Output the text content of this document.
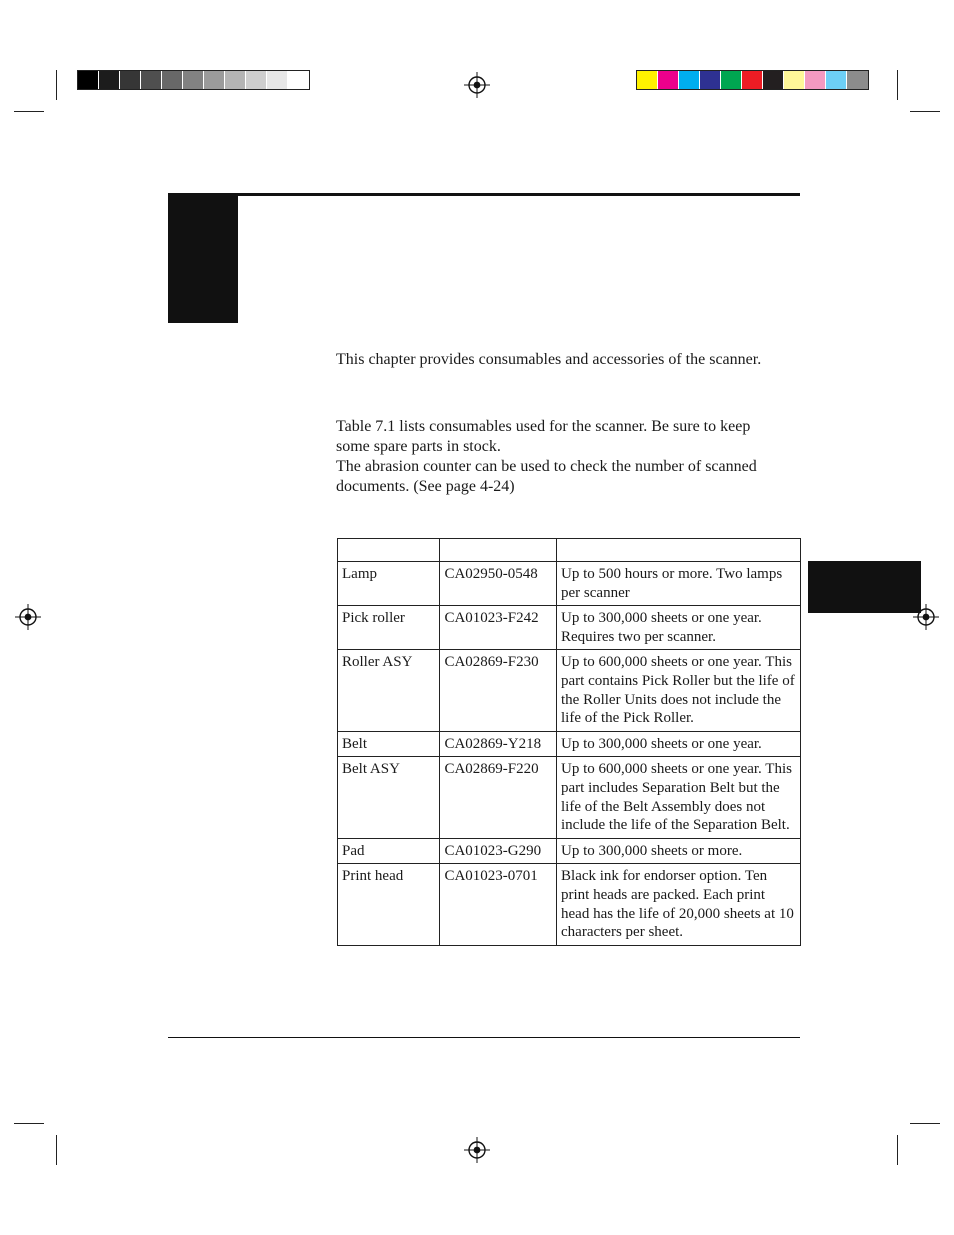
This chapter provides consumables and accessories of the scanner.
Table 7.1 lists consumables used for the scanner. Be sure to keep
some spare parts in stock.
The abrasion counter can be used to check the number of scanned
documents. (See page 4-24)

Lamp	CA02950-0548	Up to 500 hours or more. Two lamps
per scanner

Pick roller	CA01023-F242	Up to 300,000 sheets or one year.
Requires two per scanner.

Roller ASY	CA02869-F230	Up to 600,000 sheets or one year. This
part contains Pick Roller but the life of
the Roller Units does not include the
life of the Pick Roller.

Belt	CA02869-Y218	Up to 300,000 sheets or one year.

Belt ASY	CA02869-F220	Up to 600,000 sheets or one year. This
part includes Separation Belt but the
life of the Belt Assembly does not
include the life of the Separation Belt.

Pad	CA01023-G290	Up to 300,000 sheets or more.

Print head	CA01023-0701	Black ink for endorser option. Ten
print heads are packed. Each print
head has the life of 20,000 sheets at 10
characters per sheet.
